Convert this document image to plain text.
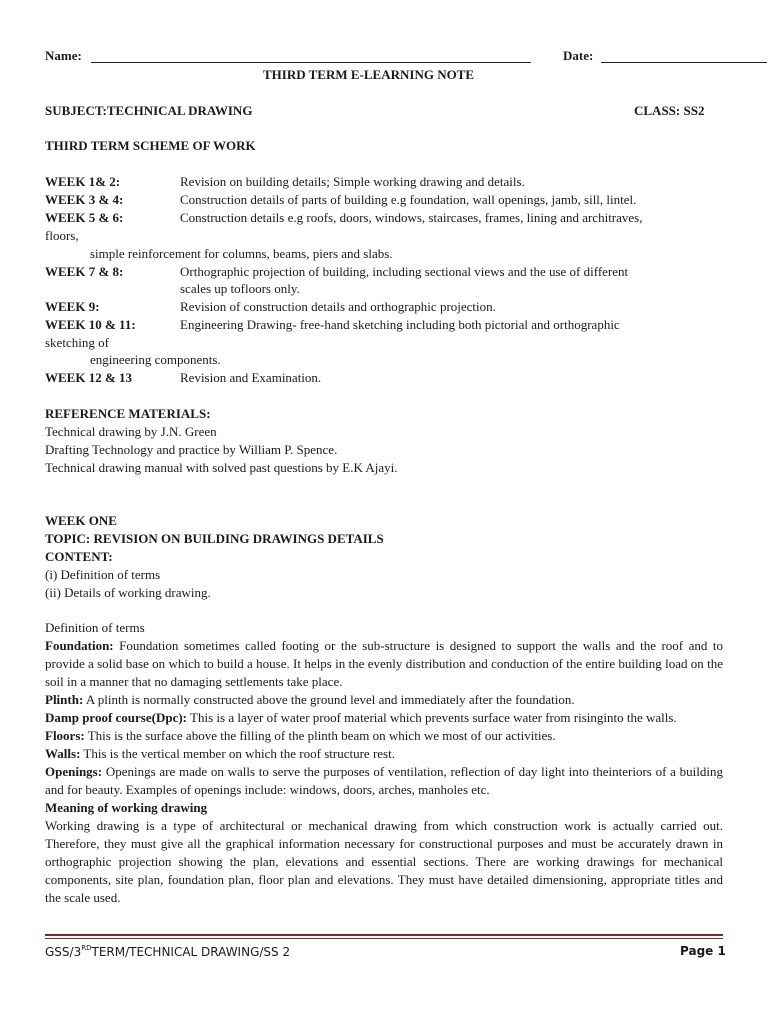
Name:	Date:
THIRD TERM E-LEARNING NOTE
SUBJECT:TECHNICAL DRAWING	CLASS: SS2
THIRD TERM SCHEME OF WORK
WEEK 1& 2:	Revision on building details; Simple working drawing and details.
WEEK 3 & 4:	Construction details of parts of building e.g foundation, wall openings, jamb, sill, lintel.
WEEK 5 & 6:	Construction details e.g roofs, doors, windows, staircases, frames, lining and architraves,
floors,
simple reinforcement for columns, beams, piers and slabs.
WEEK 7 & 8:	Orthographic projection of building, including sectional views and the use of different
scales up tofloors only.
WEEK 9:	Revision of construction details and orthographic projection.
WEEK 10 & 11:	Engineering Drawing- free-hand sketching including both pictorial and orthographic
sketching of
engineering components.
WEEK 12 & 13	Revision and Examination.
REFERENCE MATERIALS:
Technical drawing by J.N. Green
Drafting Technology and practice by William P. Spence.
Technical drawing manual with solved past questions by E.K Ajayi.
WEEK ONE
TOPIC: REVISION ON BUILDING DRAWINGS DETAILS
CONTENT:
(i) Definition of terms
(ii) Details of working drawing.
Definition of terms

Foundation: Foundation sometimes called footing or the sub-structure is designed to support the walls and the roof and to provide a solid base on which to build a house. It helps in the evenly distribution and conduction of the entire building load on the soil in a manner that no damaging settlements take place.

Plinth: A plinth is normally constructed above the ground level and immediately after the foundation.

Damp proof course(Dpc): This is a layer of water proof material which prevents surface water from risinginto the walls.

Floors: This is the surface above the filling of the plinth beam on which we most of our activities.

Walls: This is the vertical member on which the roof structure rest.

Openings: Openings are made on walls to serve the purposes of ventilation, reflection of day light into theinteriors of a building and for beauty. Examples of openings include: windows, doors, arches, manholes etc.

Meaning of working drawing

Working drawing is a type of architectural or mechanical drawing from which construction work is actually carried out. Therefore, they must give all the graphical information necessary for constructional purposes and must be accurately drawn in orthographic projection showing the plan, elevations and essential sections. There are working drawings for mechanical components, site plan, foundation plan, floor plan and elevations. They must have detailed dimensioning, appropriate titles and the scale used.

GSS/3RDTERM/TECHNICAL DRAWING/SS 2	Page 1
